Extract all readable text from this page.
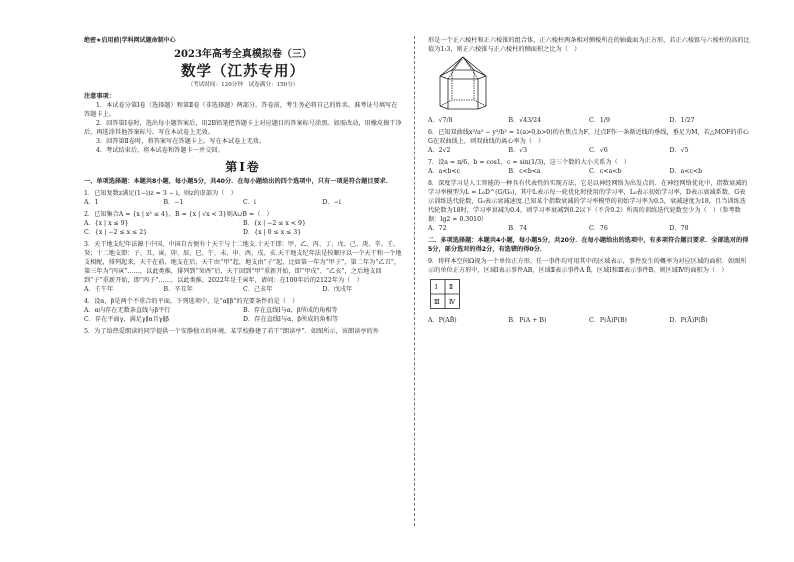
绝密★启用前|学科网试题命制中心
2023年高考全真模拟卷（三）
数学（江苏专用）
（考试时间：120分钟　试卷满分：150分）
注意事项：
1．本试卷分第Ⅰ卷（选择题）和第Ⅱ卷（非选择题）两部分。答卷前，考生务必将自己的姓名、准考证号填写在答题卡上。
2．回答第Ⅰ卷时，选出每小题答案后，用2B铅笔把答题卡上对应题目的答案标号涂黑。如需改动，用橡皮擦干净后，再选涂其他答案标号。写在本试卷上无效。
3．回答第Ⅱ卷时，将答案写在答题卡上。写在本试卷上无效。
4．考试结束后，将本试卷和答题卡一并交回。
第Ⅰ卷
一、单项选择题：本题共8小题，每小题5分，共40分．在每小题给出的四个选项中，只有一项是符合题目要求．
1．已知复数z满足(1−i)z = 3 − i，则z的虚部为（　）
A．1	B．−1	C．i	D．−i
2．已知集合A = {x | x² ≤ 4}，B = {x | √x < 3}则A∪B =（　）
A．{x | x ≤ 9}	B．{x | −2 ≤ x < 9}
C．{x | −2 ≤ x ≤ 2}	D．{x | 0 ≤ x ≤ 3}
3．天干地支纪年法源于中国，中国自古便有十天干与十二地支.十天干即：甲、乙、丙、丁、戊、己、庚、辛、壬、癸；十二地支即：子、丑、寅、卯、辰、巳、午、未、申、酉、戌、亥.天干地支纪年法是按顺序以一个天干和一个地支相配，排列起来，天干在前，地支在后，天干由“甲”起，地支由“子”起，比如第一年为“甲子”，第二年为“乙丑”，第三年为“丙寅”……，以此类推，排列到“癸酉”后，天干回到“甲”重新开始，即“甲戌”、“乙亥”，之后地支回到“子”重新开始，即“丙子”……，以此类推，2022年是壬寅年，请问：在100年后的2122年为（　）
A．壬午年	B．辛丑年	C．己亥年	D．戊戌年
4．设α，β是两个不重合的平面，下列选项中，是“α∥β”的充要条件的是（　）
A．α内存在无数条直线与β平行	B．存在直线l与α，β所成的角相等
C．存在平面γ，满足γ∥α且γ∥β	D．存在直线l与α，β所成的角相等
5．为了给热爱朗读的同学提供一个安静独立的环境，某学校修建了若干“朗读亭”．如图所示，该朗读亭的外
形是一个正六棱柱和正六棱锥的组合体，正六棱柱两条相对侧棱所在的轴截面为正方形，若正六棱锥与六棱柱的高的比值为1:3，则正六棱锥与正六棱柱的侧面积之比为（　）
A．√7/8	B．√43/24	C．1/9	D．1/27
6．已知双曲线x²/a² − y²/b² = 1(a>0,b>0)的右焦点为F，过点F作一条渐近线的垂线，垂足为M，若△MOF的重心G在双曲线上，则双曲线的离心率为（　）
A．2√2	B．√3	C．√6	D．√5
7．设a = π/6，b = cos1，c = sin(1/3)，这三个数的大小关系为（　）
A．a<b<c	B．c<b<a	C．c<a<b	D．a<c<b
8．深度学习是人工智能的一种具有代表性的实现方法，它是以神经网络为出发点的．在神经网络优化中，指数衰减的学习率模型为L = L₀D^(G/G₀)，其中L表示每一轮优化时使用的学习率，L₀表示初始学习率，D表示衰减系数，G表示训练迭代轮数，G₀表示衰减速度.已知某个指数衰减的学习率模型的初始学习率为0.5，衰减速度为18，且当训练迭代轮数为18时，学习率衰减为0.4，则学习率衰减到0.2以下（不含0.2）所需的训练迭代轮数至少为（　）（参考数据：lg2 ≈ 0.3010）
A．72	B．74	C．76	D．78
二、多项选择题：本题共4小题，每小题5分，共20分．在每小题给出的选项中，有多项符合题目要求．全部选对的得5分，部分选对的得2分，有选错的得0分．
9．将样本空间Ω视为一个单位正方形，任一事件均可用其中的区域表示，事件发生的概率为对应区域的面积．如图所示的单位正方形中，区域Ⅰ表示事件AB，区域Ⅱ表示事件A B̄，区域Ⅰ和Ⅲ表示事件B，则区域Ⅳ的面积为（　）
Ⅰ Ⅱ
Ⅲ Ⅳ
A．P(AB̄)	B．P(A + B)	C．P(Ā)P(B)	D．P(Ā)P(B̄)
